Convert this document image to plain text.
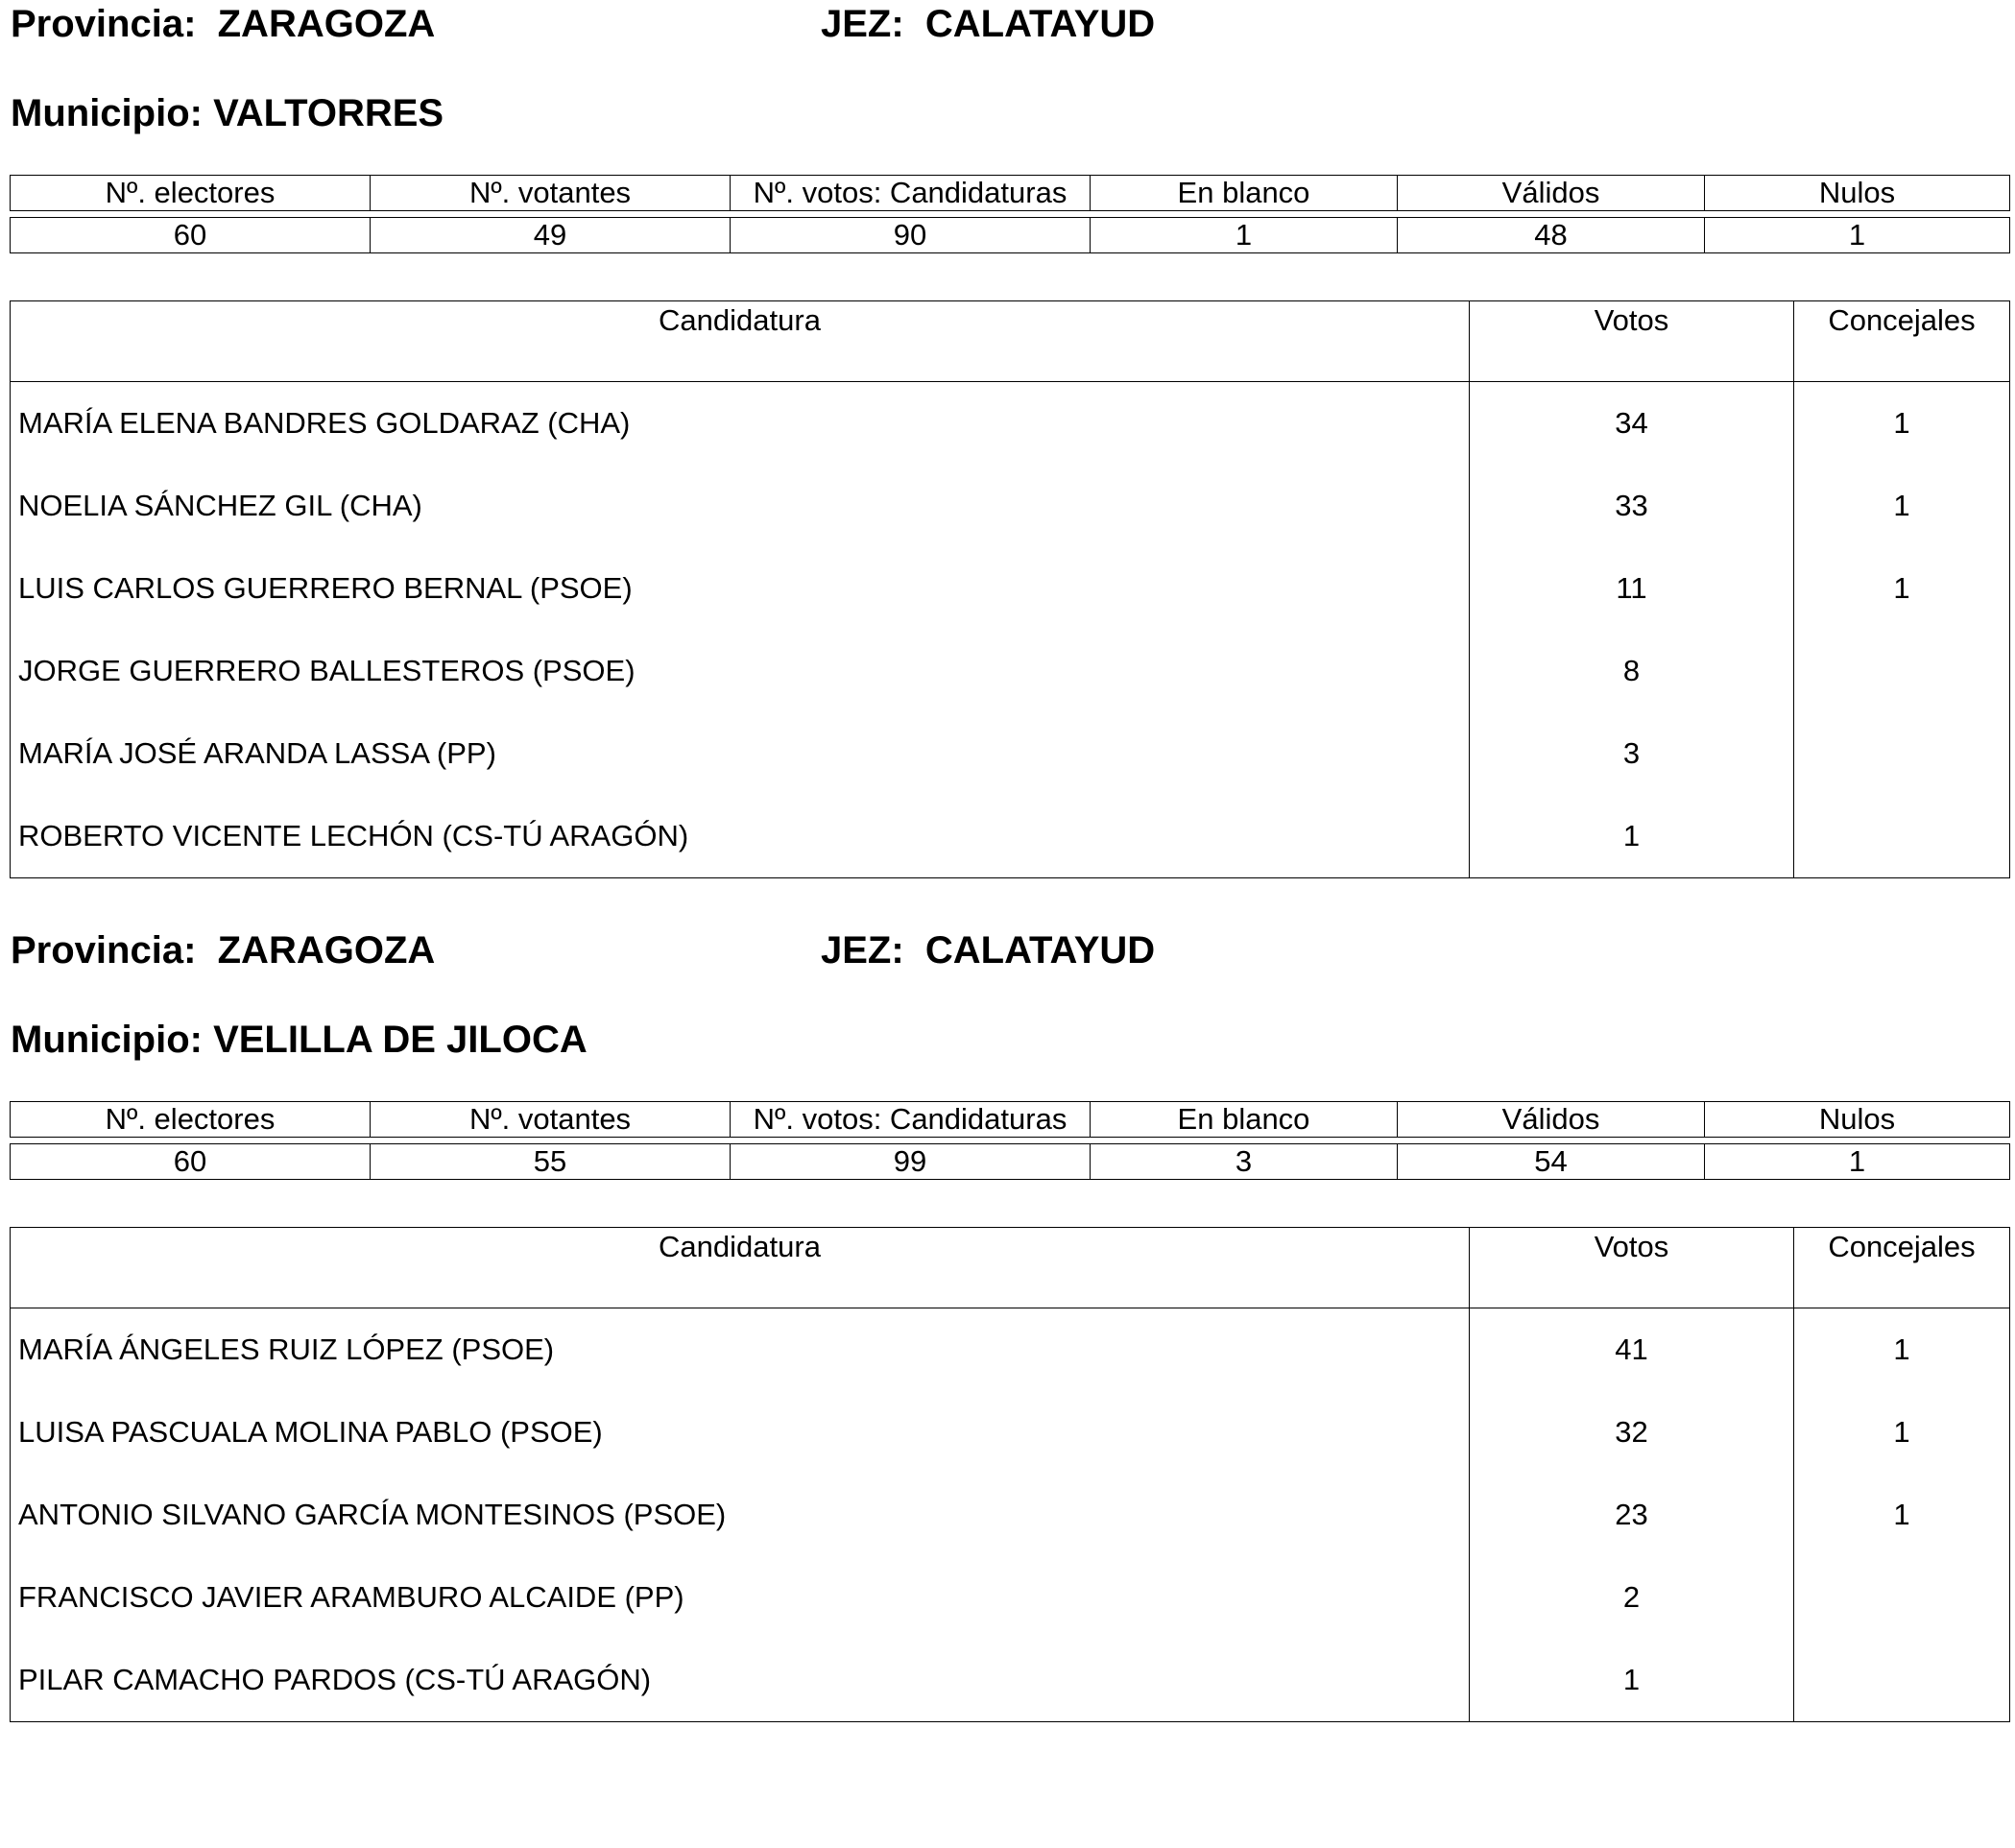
Provincia:  ZARAGOZA	JEZ:  CALATAYUD
Municipio: VALTORRES
Nº. electores	Nº. votantes	Nº. votos: Candidaturas	En blanco	Válidos	Nulos
60	49	90	1	48	1
Candidatura	Votos	Concejales
MARÍA ELENA BANDRES GOLDARAZ (CHA)	34	1
NOELIA SÁNCHEZ GIL (CHA)	33	1
LUIS CARLOS GUERRERO BERNAL (PSOE)	11	1
JORGE GUERRERO BALLESTEROS (PSOE)	8	
MARÍA JOSÉ ARANDA LASSA (PP)	3	
ROBERTO VICENTE LECHÓN (CS-TÚ ARAGÓN)	1	
Provincia:  ZARAGOZA	JEZ:  CALATAYUD
Municipio: VELILLA DE JILOCA
Nº. electores	Nº. votantes	Nº. votos: Candidaturas	En blanco	Válidos	Nulos
60	55	99	3	54	1
Candidatura	Votos	Concejales
MARÍA ÁNGELES RUIZ LÓPEZ (PSOE)	41	1
LUISA PASCUALA MOLINA PABLO (PSOE)	32	1
ANTONIO SILVANO GARCÍA MONTESINOS (PSOE)	23	1
FRANCISCO JAVIER ARAMBURO ALCAIDE (PP)	2	
PILAR CAMACHO PARDOS (CS-TÚ ARAGÓN)	1	
